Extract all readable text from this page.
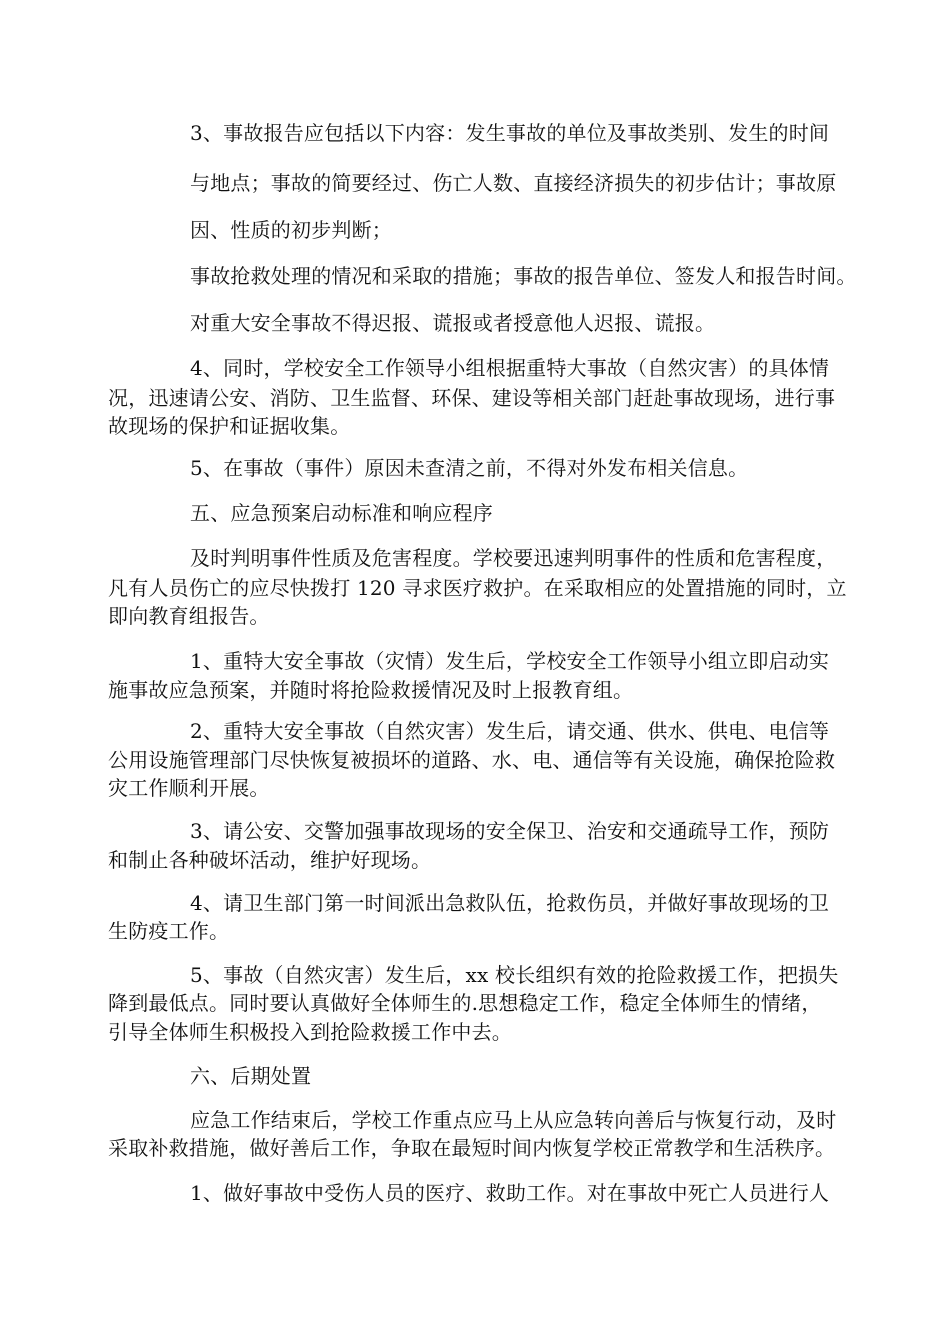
3、事故报告应包括以下内容：发生事故的单位及事故类别、发生的时间
与地点；事故的简要经过、伤亡人数、直接经济损失的初步估计；事故原
因、性质的初步判断；
事故抢救处理的情况和采取的措施；事故的报告单位、签发人和报告时间。
对重大安全事故不得迟报、谎报或者授意他人迟报、谎报。
4、同时，学校安全工作领导小组根据重特大事故（自然灾害）的具体情
况，迅速请公安、消防、卫生监督、环保、建设等相关部门赶赴事故现场，进行事
故现场的保护和证据收集。
5、在事故（事件）原因未查清之前，不得对外发布相关信息。
五、应急预案启动标准和响应程序
及时判明事件性质及危害程度。学校要迅速判明事件的性质和危害程度，
凡有人员伤亡的应尽快拨打 120 寻求医疗救护。在采取相应的处置措施的同时，立
即向教育组报告。
1、重特大安全事故（灾情）发生后，学校安全工作领导小组立即启动实
施事故应急预案，并随时将抢险救援情况及时上报教育组。
2、重特大安全事故（自然灾害）发生后，请交通、供水、供电、电信等
公用设施管理部门尽快恢复被损坏的道路、水、电、通信等有关设施，确保抢险救
灾工作顺利开展。
3、请公安、交警加强事故现场的安全保卫、治安和交通疏导工作，预防
和制止各种破坏活动，维护好现场。
4、请卫生部门第一时间派出急救队伍，抢救伤员，并做好事故现场的卫
生防疫工作。
5、事故（自然灾害）发生后，xx 校长组织有效的抢险救援工作，把损失
降到最低点。同时要认真做好全体师生的.思想稳定工作，稳定全体师生的情绪，
引导全体师生积极投入到抢险救援工作中去。
六、后期处置
应急工作结束后，学校工作重点应马上从应急转向善后与恢复行动，及时
采取补救措施，做好善后工作，争取在最短时间内恢复学校正常教学和生活秩序。
1、做好事故中受伤人员的医疗、救助工作。对在事故中死亡人员进行人
